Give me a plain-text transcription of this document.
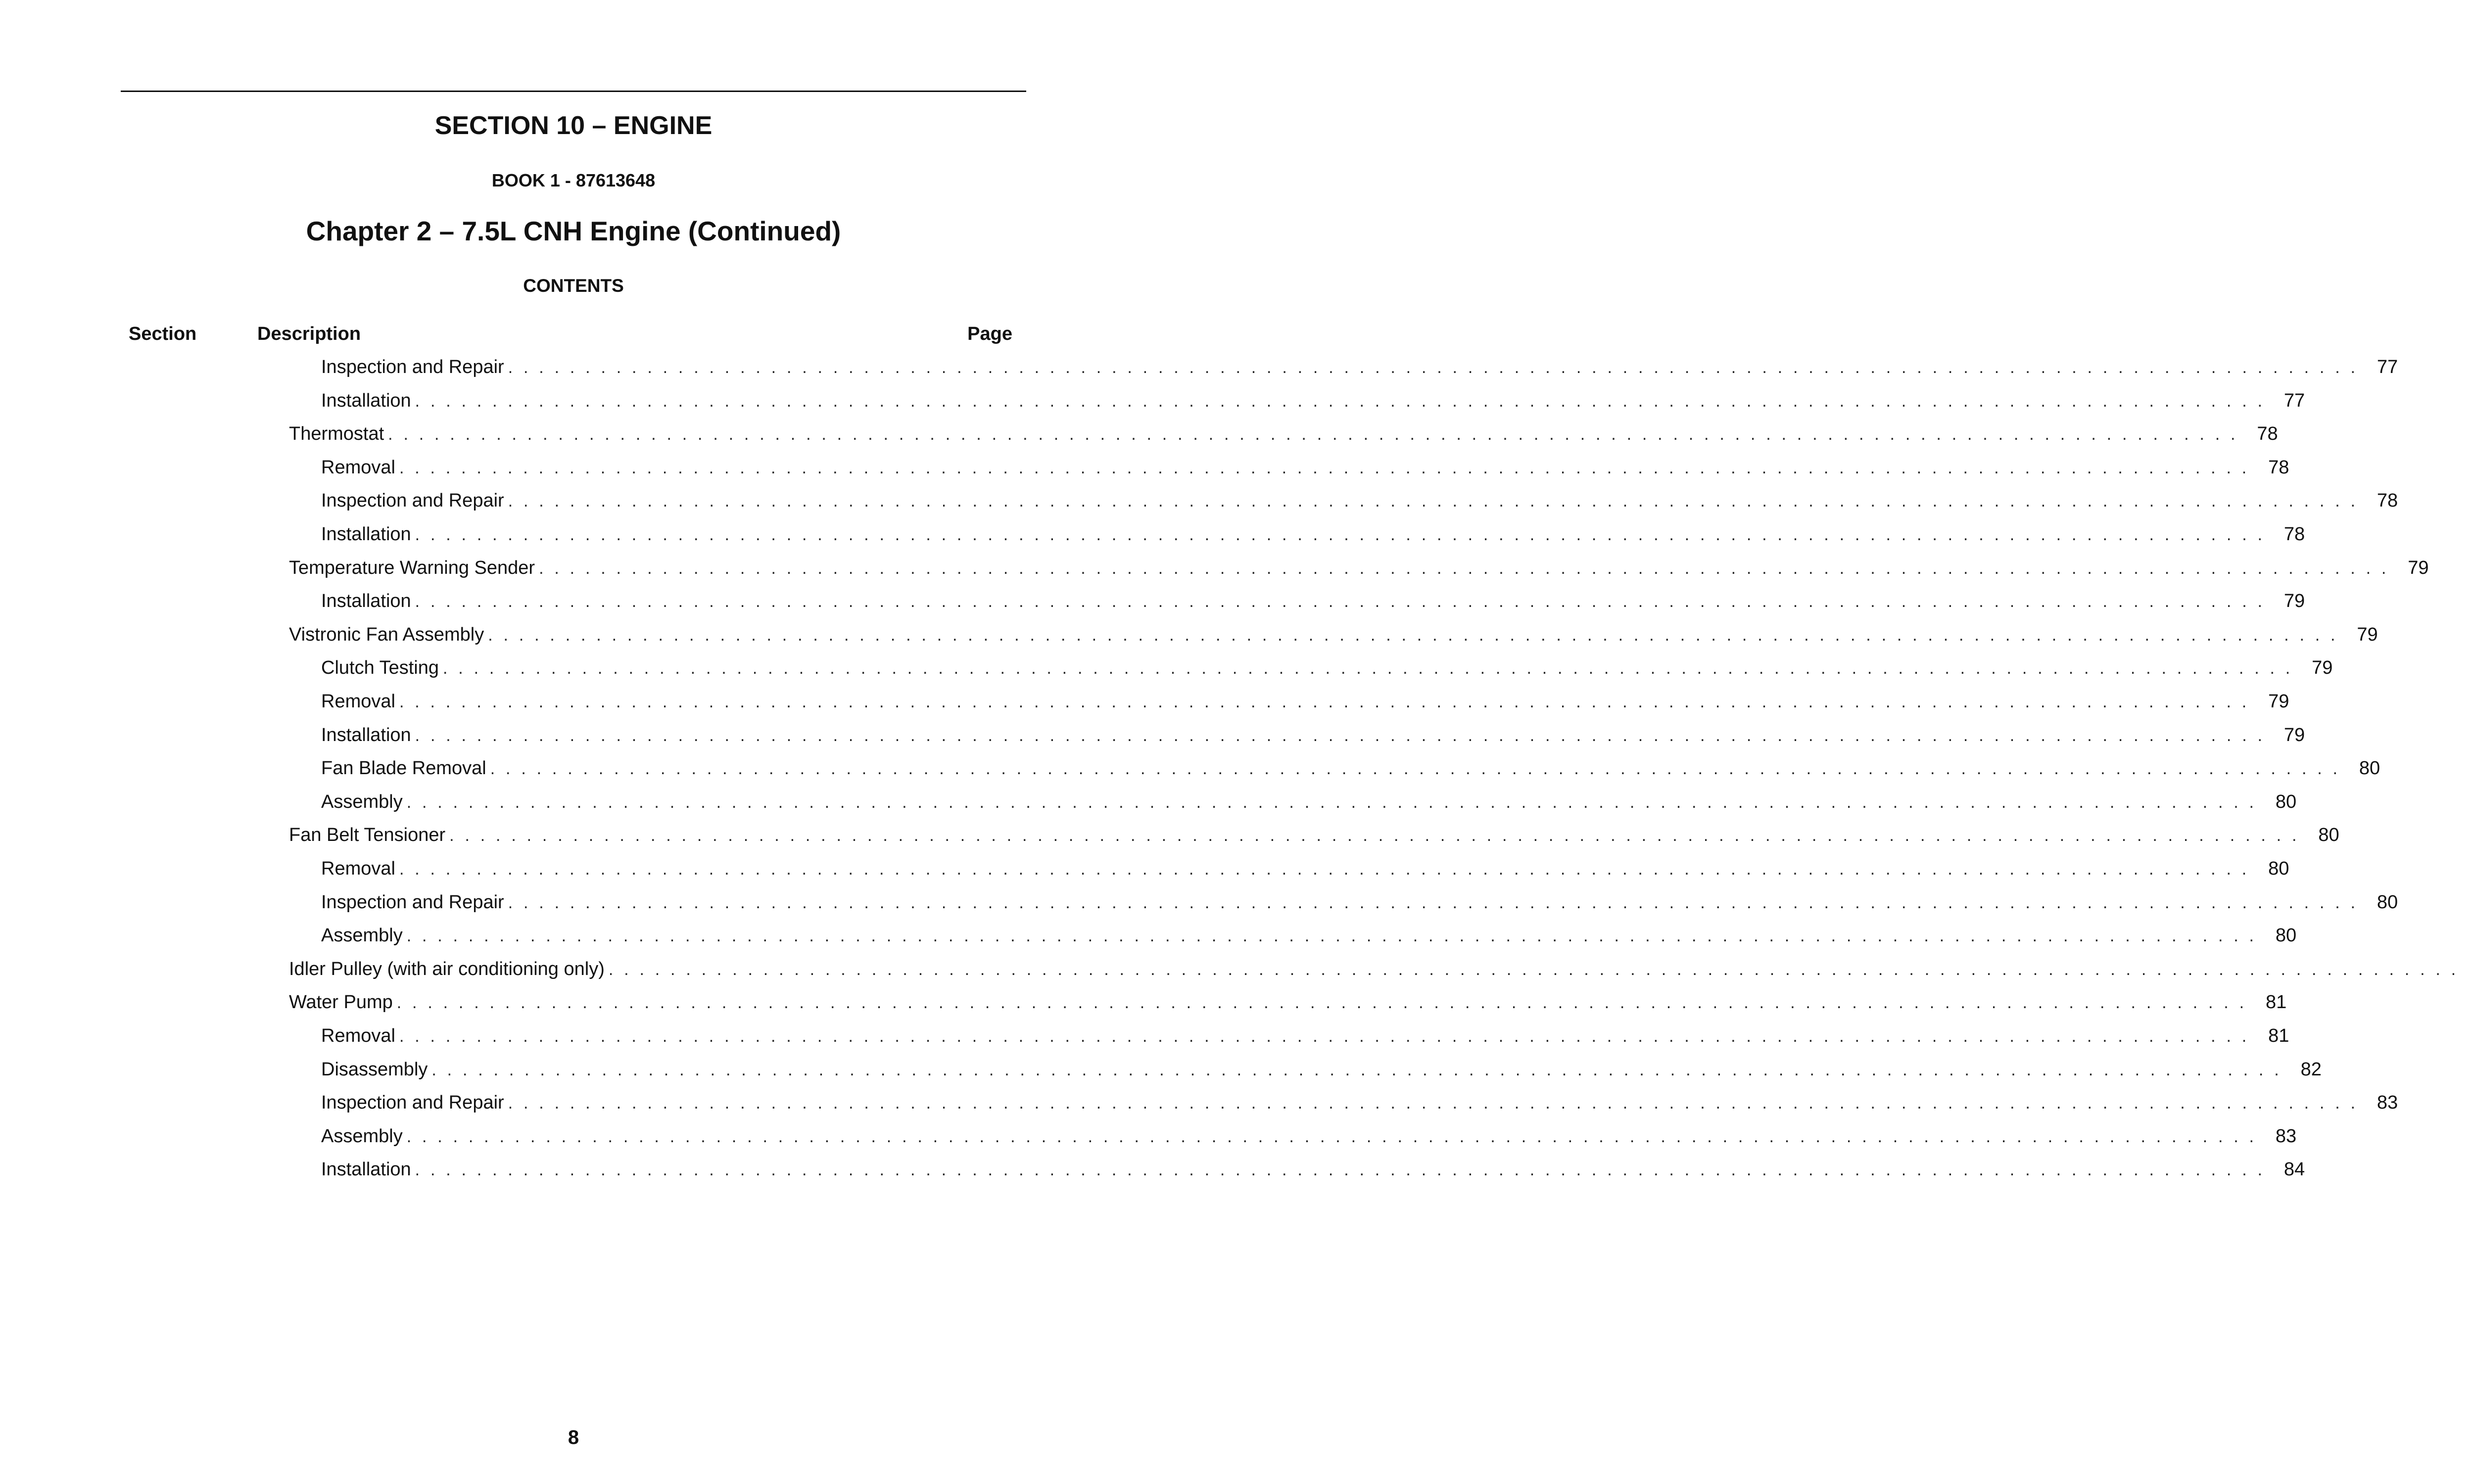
SECTION 10 – ENGINE
BOOK 1 - 87613648
Chapter 2 – 7.5L CNH Engine (Continued)
CONTENTS
Section	Description	Page
Inspection and Repair . . . . . . . . . . . . . . . . . . . . . . . . . . . . . . . . . . . . . . . . . . . . . . . . . . . . . . . . . . . . . . . . . . . . . . . . . . . . . . . . . . . . . . . . . . . . . . . . . . . . . . . . . . . . . . . . . . . . . . . . 77
Installation . . . . . . . . . . . . . . . . . . . . . . . . . . . . . . . . . . . . . . . . . . . . . . . . . . . . . . . . . . . . . . . . . . . . . . . . . . . . . . . . . . . . . . . . . . . . . . . . . . . . . . . . . . . . . . . . . . . . . . . . 77
Thermostat . . . . . . . . . . . . . . . . . . . . . . . . . . . . . . . . . . . . . . . . . . . . . . . . . . . . . . . . . . . . . . . . . . . . . . . . . . . . . . . . . . . . . . . . . . . . . . . . . . . . . . . . . . . . . . . . . . . . . . . . 78
Removal . . . . . . . . . . . . . . . . . . . . . . . . . . . . . . . . . . . . . . . . . . . . . . . . . . . . . . . . . . . . . . . . . . . . . . . . . . . . . . . . . . . . . . . . . . . . . . . . . . . . . . . . . . . . . . . . . . . . . . . . 78
Inspection and Repair . . . . . . . . . . . . . . . . . . . . . . . . . . . . . . . . . . . . . . . . . . . . . . . . . . . . . . . . . . . . . . . . . . . . . . . . . . . . . . . . . . . . . . . . . . . . . . . . . . . . . . . . . . . . . . . . . . . . . . . . 78
Installation . . . . . . . . . . . . . . . . . . . . . . . . . . . . . . . . . . . . . . . . . . . . . . . . . . . . . . . . . . . . . . . . . . . . . . . . . . . . . . . . . . . . . . . . . . . . . . . . . . . . . . . . . . . . . . . . . . . . . . . . 78
Temperature Warning Sender . . . . . . . . . . . . . . . . . . . . . . . . . . . . . . . . . . . . . . . . . . . . . . . . . . . . . . . . . . . . . . . . . . . . . . . . . . . . . . . . . . . . . . . . . . . . . . . . . . . . . . . . . . . . . . . . . . . . . . . . 79
Installation . . . . . . . . . . . . . . . . . . . . . . . . . . . . . . . . . . . . . . . . . . . . . . . . . . . . . . . . . . . . . . . . . . . . . . . . . . . . . . . . . . . . . . . . . . . . . . . . . . . . . . . . . . . . . . . . . . . . . . . . 79
Vistronic Fan Assembly . . . . . . . . . . . . . . . . . . . . . . . . . . . . . . . . . . . . . . . . . . . . . . . . . . . . . . . . . . . . . . . . . . . . . . . . . . . . . . . . . . . . . . . . . . . . . . . . . . . . . . . . . . . . . . . . . . . . . . . . 79
Clutch Testing . . . . . . . . . . . . . . . . . . . . . . . . . . . . . . . . . . . . . . . . . . . . . . . . . . . . . . . . . . . . . . . . . . . . . . . . . . . . . . . . . . . . . . . . . . . . . . . . . . . . . . . . . . . . . . . . . . . . . . . . 79
Removal . . . . . . . . . . . . . . . . . . . . . . . . . . . . . . . . . . . . . . . . . . . . . . . . . . . . . . . . . . . . . . . . . . . . . . . . . . . . . . . . . . . . . . . . . . . . . . . . . . . . . . . . . . . . . . . . . . . . . . . . 79
Installation . . . . . . . . . . . . . . . . . . . . . . . . . . . . . . . . . . . . . . . . . . . . . . . . . . . . . . . . . . . . . . . . . . . . . . . . . . . . . . . . . . . . . . . . . . . . . . . . . . . . . . . . . . . . . . . . . . . . . . . . 79
Fan Blade Removal . . . . . . . . . . . . . . . . . . . . . . . . . . . . . . . . . . . . . . . . . . . . . . . . . . . . . . . . . . . . . . . . . . . . . . . . . . . . . . . . . . . . . . . . . . . . . . . . . . . . . . . . . . . . . . . . . . . . . . . . 80
Assembly . . . . . . . . . . . . . . . . . . . . . . . . . . . . . . . . . . . . . . . . . . . . . . . . . . . . . . . . . . . . . . . . . . . . . . . . . . . . . . . . . . . . . . . . . . . . . . . . . . . . . . . . . . . . . . . . . . . . . . . . 80
Fan Belt Tensioner . . . . . . . . . . . . . . . . . . . . . . . . . . . . . . . . . . . . . . . . . . . . . . . . . . . . . . . . . . . . . . . . . . . . . . . . . . . . . . . . . . . . . . . . . . . . . . . . . . . . . . . . . . . . . . . . . . . . . . . . 80
Removal . . . . . . . . . . . . . . . . . . . . . . . . . . . . . . . . . . . . . . . . . . . . . . . . . . . . . . . . . . . . . . . . . . . . . . . . . . . . . . . . . . . . . . . . . . . . . . . . . . . . . . . . . . . . . . . . . . . . . . . . 80
Inspection and Repair . . . . . . . . . . . . . . . . . . . . . . . . . . . . . . . . . . . . . . . . . . . . . . . . . . . . . . . . . . . . . . . . . . . . . . . . . . . . . . . . . . . . . . . . . . . . . . . . . . . . . . . . . . . . . . . . . . . . . . . . 80
Assembly . . . . . . . . . . . . . . . . . . . . . . . . . . . . . . . . . . . . . . . . . . . . . . . . . . . . . . . . . . . . . . . . . . . . . . . . . . . . . . . . . . . . . . . . . . . . . . . . . . . . . . . . . . . . . . . . . . . . . . . . 80
Idler Pulley (with air conditioning only) . . . . . . . . . . . . . . . . . . . . . . . . . . . . . . . . . . . . . . . . . . . . . . . . . . . . . . . . . . . . . . . . . . . . . . . . . . . . . . . . . . . . . . . . . . . . . . . . . . . . . . . . . . . . . . . . . . . . . . . .
Water Pump . . . . . . . . . . . . . . . . . . . . . . . . . . . . . . . . . . . . . . . . . . . . . . . . . . . . . . . . . . . . . . . . . . . . . . . . . . . . . . . . . . . . . . . . . . . . . . . . . . . . . . . . . . . . . . . . . . . . . . . . 81
Removal . . . . . . . . . . . . . . . . . . . . . . . . . . . . . . . . . . . . . . . . . . . . . . . . . . . . . . . . . . . . . . . . . . . . . . . . . . . . . . . . . . . . . . . . . . . . . . . . . . . . . . . . . . . . . . . . . . . . . . . . 81
Disassembly . . . . . . . . . . . . . . . . . . . . . . . . . . . . . . . . . . . . . . . . . . . . . . . . . . . . . . . . . . . . . . . . . . . . . . . . . . . . . . . . . . . . . . . . . . . . . . . . . . . . . . . . . . . . . . . . . . . . . . . . 82
Inspection and Repair . . . . . . . . . . . . . . . . . . . . . . . . . . . . . . . . . . . . . . . . . . . . . . . . . . . . . . . . . . . . . . . . . . . . . . . . . . . . . . . . . . . . . . . . . . . . . . . . . . . . . . . . . . . . . . . . . . . . . . . . 83
Assembly . . . . . . . . . . . . . . . . . . . . . . . . . . . . . . . . . . . . . . . . . . . . . . . . . . . . . . . . . . . . . . . . . . . . . . . . . . . . . . . . . . . . . . . . . . . . . . . . . . . . . . . . . . . . . . . . . . . . . . . . 83
Installation . . . . . . . . . . . . . . . . . . . . . . . . . . . . . . . . . . . . . . . . . . . . . . . . . . . . . . . . . . . . . . . . . . . . . . . . . . . . . . . . . . . . . . . . . . . . . . . . . . . . . . . . . . . . . . . . . . . . . . . . 84
8
